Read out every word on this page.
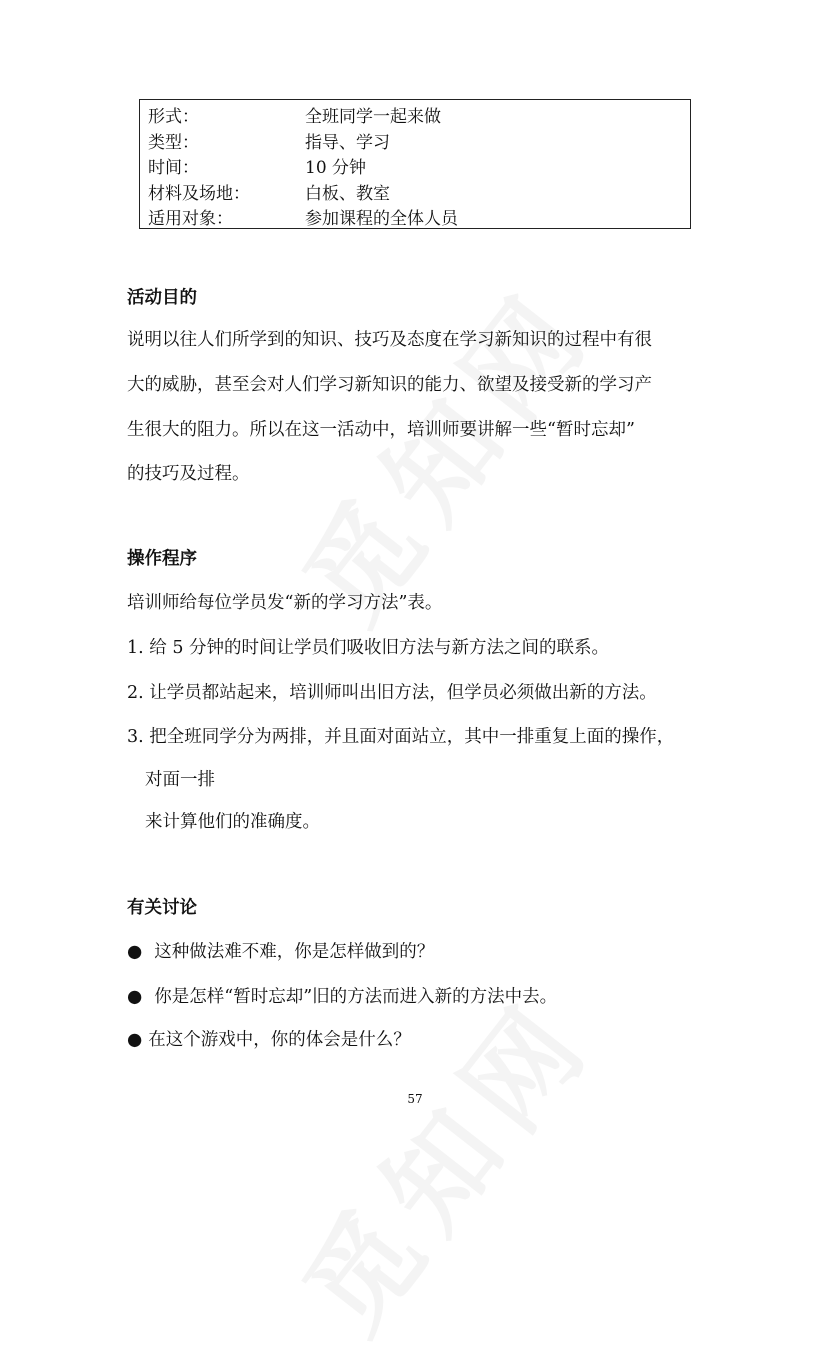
形式：	全班同学一起来做
类型：	指导、学习
时间：	10 分钟
材料及场地：	白板、教室
适用对象：	参加课程的全体人员
活动目的
说明以往人们所学到的知识、技巧及态度在学习新知识的过程中有很
大的威胁，甚至会对人们学习新知识的能力、欲望及接受新的学习产
生很大的阻力。所以在这一活动中，培训师要讲解一些“暂时忘却”
的技巧及过程。
操作程序
培训师给每位学员发“新的学习方法”表。
1. 给 5 分钟的时间让学员们吸收旧方法与新方法之间的联系。
2. 让学员都站起来，培训师叫出旧方法，但学员必须做出新的方法。
3. 把全班同学分为两排，并且面对面站立，其中一排重复上面的操作，
对面一排
来计算他们的准确度。
有关讨论
● 这种做法难不难，你是怎样做到的？
● 你是怎样“暂时忘却”旧的方法而进入新的方法中去。
● 在这个游戏中，你的体会是什么？
57
